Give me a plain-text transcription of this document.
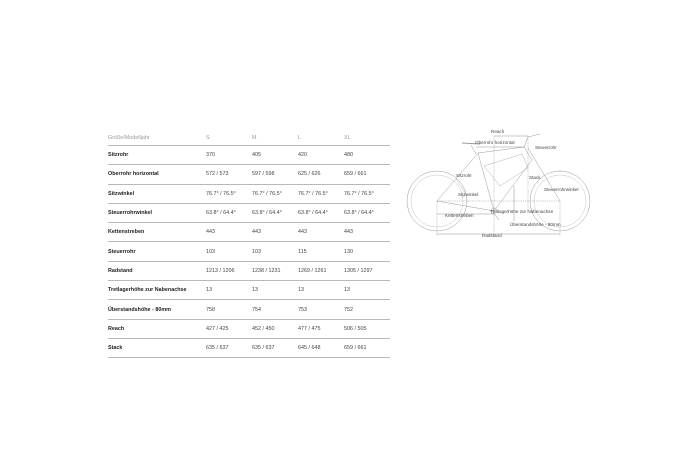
Größe/Modelljahr	S	M	L	XL
Sitzrohr	370	405	420	480
Oberrohr horizontal	572 / 573	597 / 598	625 / 626	659 / 661
Sitzwinkel	76.7° / 76.5°	76.7° / 76.5°	76.7° / 76.5°	76.7° / 76.5°
Steuerrohrwinkel	63.8° / 64.4°	63.8° / 64.4°	63.8° / 64.4°	63.8° / 64.4°
Kettenstreben	443	443	443	443
Steuerrohr	103	103	115	130
Radstand	1213 / 1206	1238 / 1231	1269 / 1261	1305 / 1297
Tretlagerhöhe zur Nabenachse	13	13	13	13
Überstandshöhe - 80mm	758	754	753	752
Reach	427 / 425	452 / 450	477 / 475	506 / 505
Stack	635 / 637	635 / 637	645 / 648	659 / 661
Reach
Oberrohr horizontal
Steuerrohr
Sitzrohr	Stack
Steuerrohrwinkel
Sitzwinkel
Kettenstreben
Tretlagerhöhe zur Nabenachse
Überstandshöhe - 80mm
Radstand
